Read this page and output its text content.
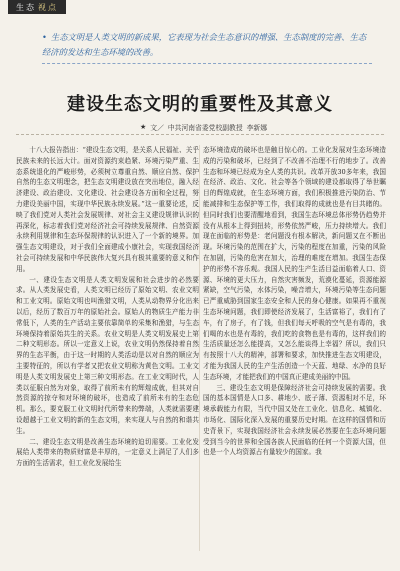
生态 视点
• 生态文明是人类文明的新成果，它表现为社会生态意识的增强、生态制度的完善、生态经济的发达和生态环境的改善。
建设生态文明的重要性及其意义
★ 文／ 中共河南省委党校副教授 李新娜

十八大报告指出：“建设生态文明，是关系人民福祉、关乎民族未来的长远大计。面对资源约束趋紧、环境污染严重、生态系统退化的严峻形势，必须树立尊重自然、顺应自然、保护自然的生态文明理念，把生态文明建设放在突出地位，融入经济建设、政治建设、文化建设、社会建设各方面和全过程，努力建设美丽中国，实现中华民族永续发展。”这一重要论述，反映了我们党对人类社会发展规律、对社会主义建设规律认识的再深化，标志着我们党对经济社会可持续发展规律、自然资源永续利用规律和生态环保规律的认识进入了一个新的境界。加强生态文明建设，对于我们全面建成小康社会，实现我国经济社会可持续发展和中华民族伟大复兴具有极其重要的意义和作用。

一、建设生态文明是人类文明发展和社会进步的必然要求。从人类发展史看，人类文明已经历了原始文明、农业文明和工业文明。原始文明也叫渔猎文明，人类从动物界分化出来以后，经历了数百万年的原始社会。原始人的物质生产能力非常低下，人类的生产活动主要依靠简单的采集和渔猎，与生态环境保持着原始共生的关系。农业文明是人类文明发展史上第二种文明形态。所以一定意义上说，农业文明仍然保持着自然界的生态平衡，由于这一时期的人类活动是以对自然的顺应为主要特征的，所以有学者又把农业文明称为黄色文明。工业文明是人类文明发展史上第三种文明形态。在工业文明时代，人类以征服自然为对象，取得了前所未有的辉煌成就，但其对自然资源的掠夺和对环境的破坏，也造成了前所未有的生态危机。那么，要克服工业文明时代所带来的弊端，人类就需要建设超越于工业文明的新的生态文明，来实现人与自然的和谐共生。

二、建设生态文明是改善生态环境的迫切需要。工业化发展给人类带来的物质财富是丰厚的，一定意义上满足了人们多方面的生活需求，但工业化发展给生

态环境造成的破坏也是触目惊心的。工业化发展对生态环境造成的污染和破坏，已经到了不改善不治理不行的地步了。改善生态和环境已经成为全人类的共识。改革开放30多年来，我国在经济、政治、文化、社会等各个领域的建设都取得了举世瞩目的辉煌成就，在生态环境方面，我们积极推进污染防治、节能减排和生态保护等工作，我们取得的成就也是有目共睹的。但同时我们也要清醒地看到，我国生态环境总体形势仍趋势并没有从根本上得到扭转，形势依然严峻，压力持续增大。我们现在面临的形势是：老问题没有根本解决，新问题又在不断出现。环境污染的范围在扩大，污染的程度在加重，污染的风险在加剧，污染的危害在加大，治理的难度在增加。我国生态保护的形势不容乐观。我国人民的生产生活目益面临着人口、资源、环境的更大压力，自然灾害频发，荒漠化蔓延，资源能源紧缺，空气污染，水体污染，噪音增大，环境污染等生态问题已严重威胁到国家生态安全和人民的身心健康。如果再不重视生态环境问题，我们即使经济发展了，生活富裕了，我们有了车，有了房子，有了钱，但我们每天呼吸的空气是有毒的，我们喝的水也是有毒的，我们吃的食物也是有毒的，这样我们的生活质量还怎么能提高，又怎么能谈得上幸福？所以，我们只有按照十八大的精神，部署和要求，加快推进生态文明建设，才能为我国人民的生产生活创造一个天蓝、地绿、水净的良好生态环境，才能把我们的中国真正建成美丽的中国。

三、建设生态文明是保障经济社会可持续发展的需要。我国的基本国情是人口多、耕地少、底子薄、资源相对不足，环境承载能力有限，当代中国又处在工业化、信息化、城镇化、市场化、国际化深入发展的重要历史时期。在这样的国情和历史背景下，实现我国经济社会永续发展必然要在生态环境问题受到当今的世界和全国各族人民面临的任何一个资源大国，但也是一个人均资源占有量较少的国家。我
